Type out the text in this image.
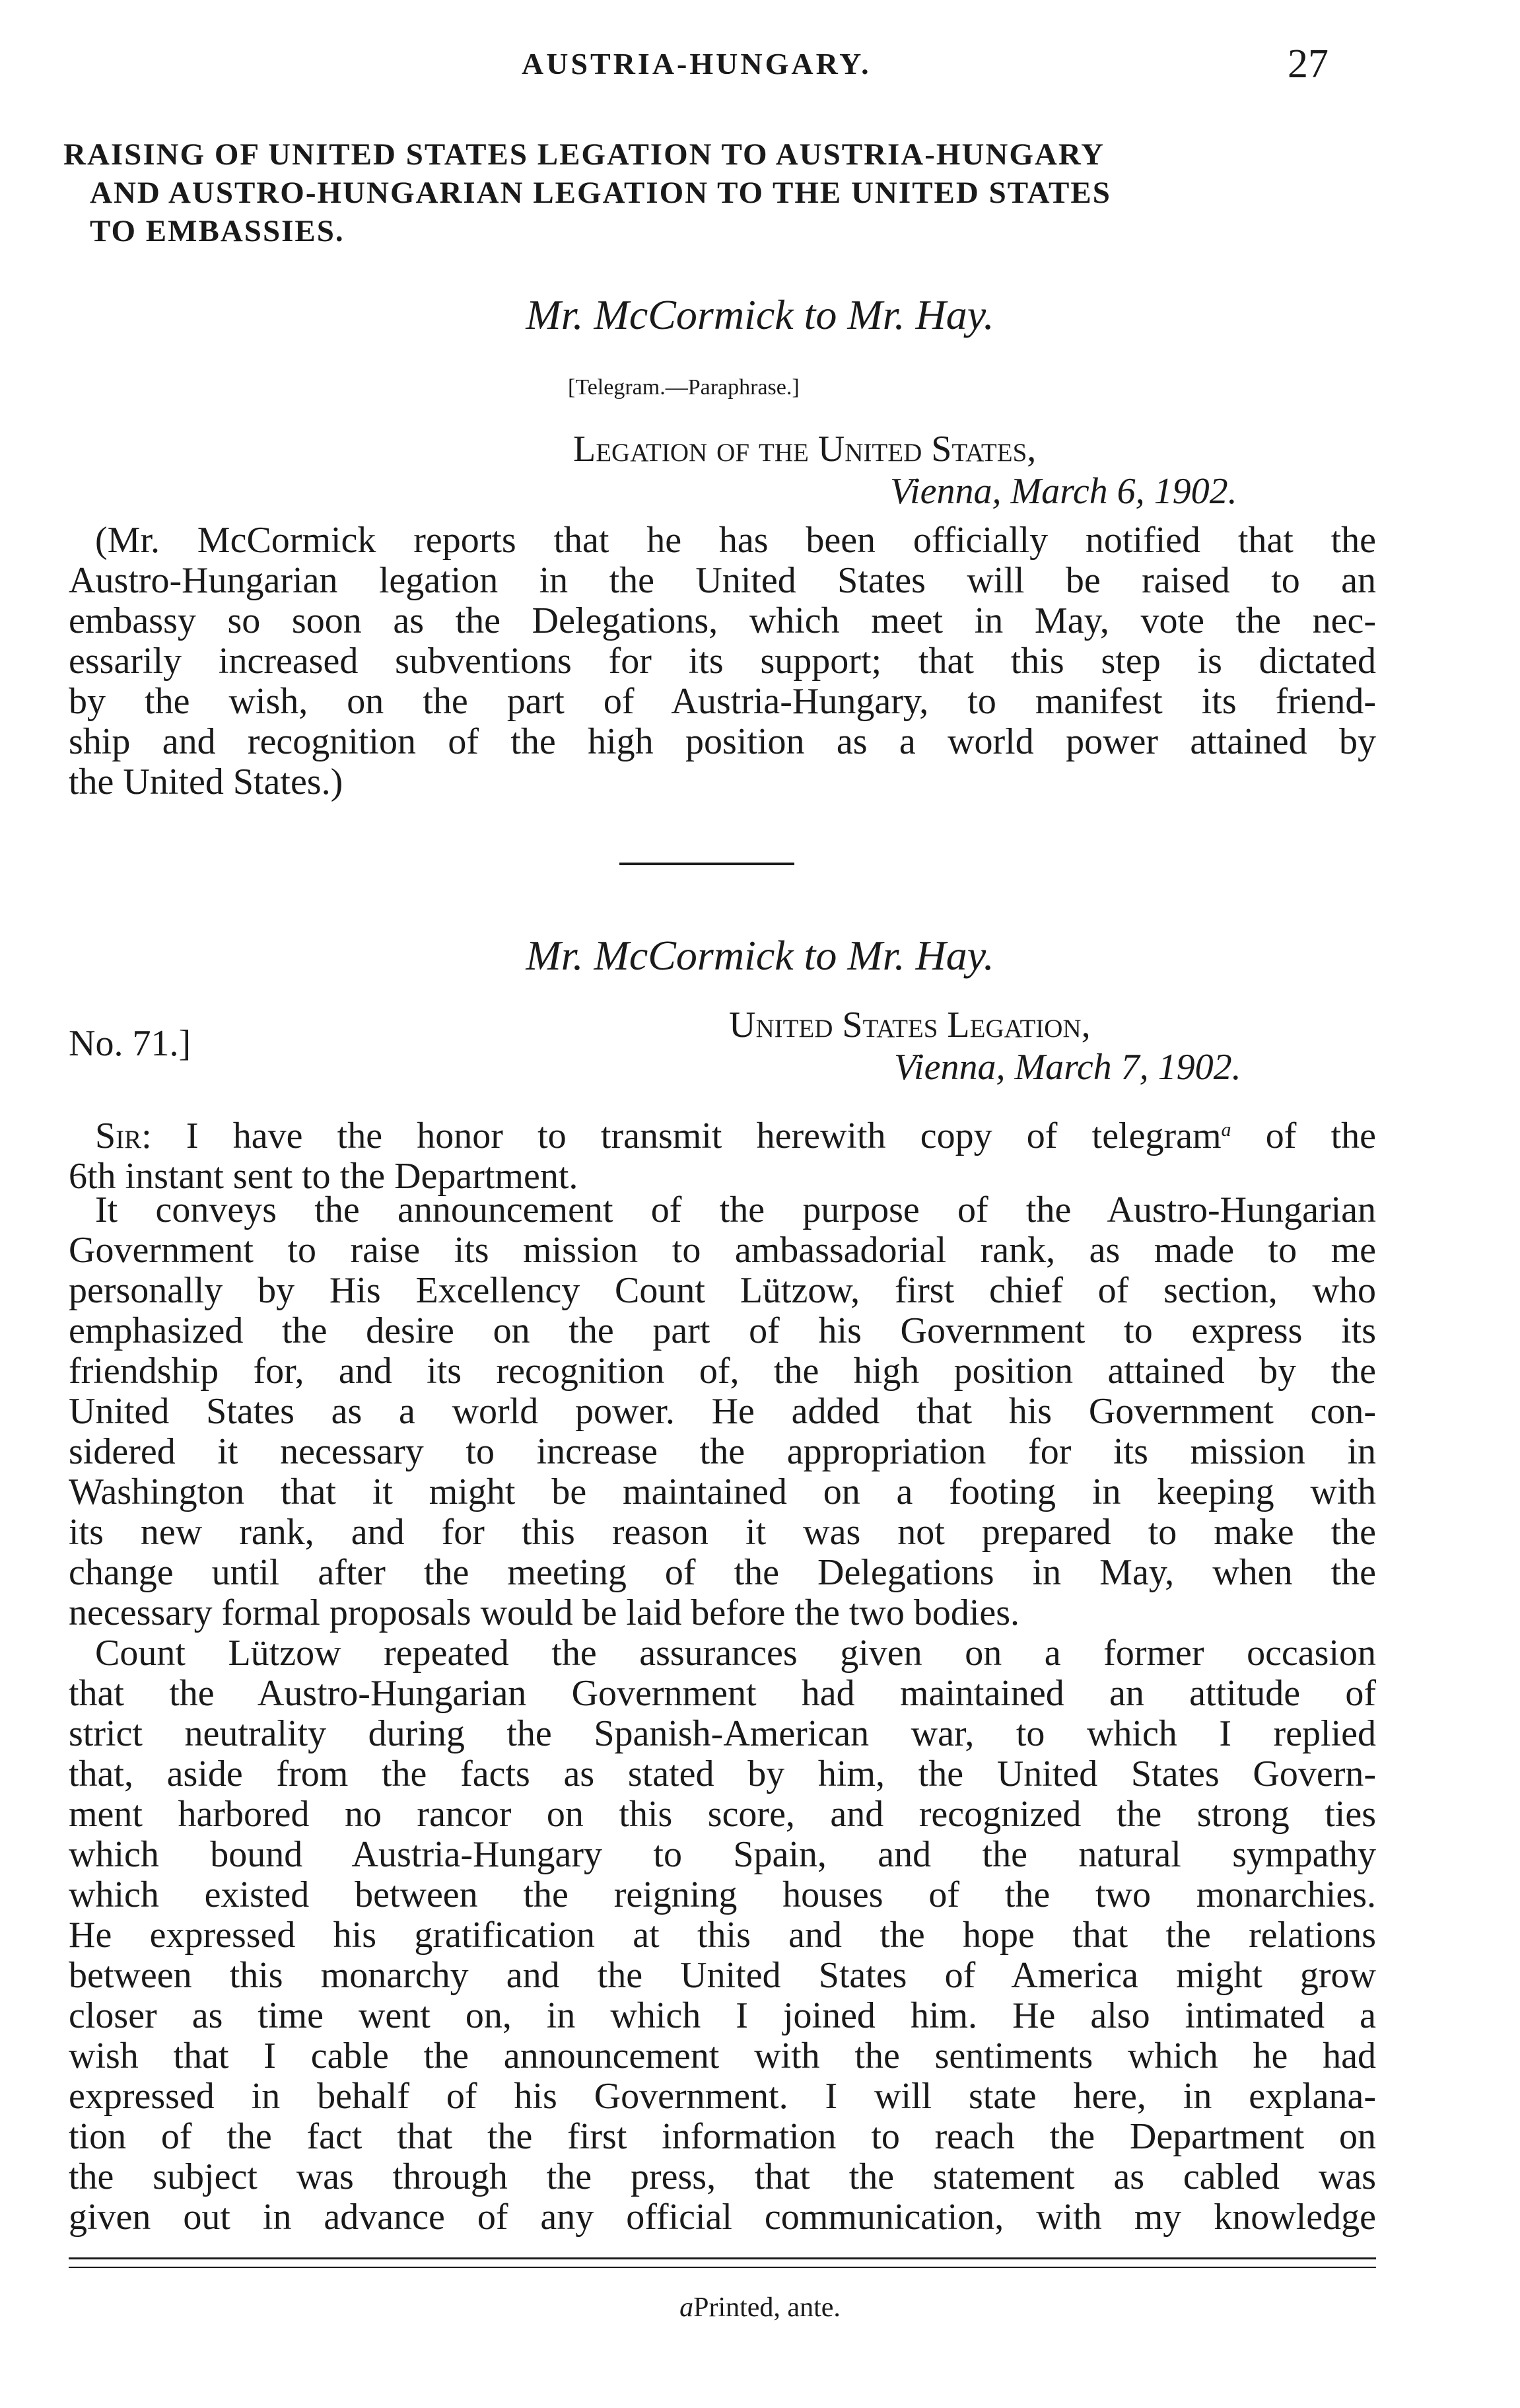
AUSTRIA-HUNGARY.	27
RAISING OF UNITED STATES LEGATION TO AUSTRIA-HUNGARY
AND AUSTRO-HUNGARIAN LEGATION TO THE UNITED STATES
TO EMBASSIES.
Mr. McCormick to Mr. Hay.
[Telegram.—Paraphrase.]
Legation of the United States,
Vienna, March 6, 1902.
(Mr. McCormick reports that he has been officially notified that the
Austro-Hungarian legation in the United States will be raised to an
embassy so soon as the Delegations, which meet in May, vote the nec-
essarily increased subventions for its support; that this step is dictated
by the wish, on the part of Austria-Hungary, to manifest its friend-
ship and recognition of the high position as a world power attained by
the United States.)
Mr. McCormick to Mr. Hay.
No. 71.]	United States Legation,
Vienna, March 7, 1902.
Sir: I have the honor to transmit herewith copy of telegram$^a$ of the
6th instant sent to the Department.
It conveys the announcement of the purpose of the Austro-Hungarian
Government to raise its mission to ambassadorial rank, as made to me
personally by His Excellency Count Lützow, first chief of section, who
emphasized the desire on the part of his Government to express its
friendship for, and its recognition of, the high position attained by the
United States as a world power. He added that his Government con-
sidered it necessary to increase the appropriation for its mission in
Washington that it might be maintained on a footing in keeping with
its new rank, and for this reason it was not prepared to make the
change until after the meeting of the Delegations in May, when the
necessary formal proposals would be laid before the two bodies.
Count Lützow repeated the assurances given on a former occasion
that the Austro-Hungarian Government had maintained an attitude of
strict neutrality during the Spanish-American war, to which I replied
that, aside from the facts as stated by him, the United States Govern-
ment harbored no rancor on this score, and recognized the strong ties
which bound Austria-Hungary to Spain, and the natural sympathy
which existed between the reigning houses of the two monarchies.
He expressed his gratification at this and the hope that the relations
between this monarchy and the United States of America might grow
closer as time went on, in which I joined him. He also intimated a
wish that I cable the announcement with the sentiments which he had
expressed in behalf of his Government. I will state here, in explana-
tion of the fact that the first information to reach the Department on
the subject was through the press, that the statement as cabled was
given out in advance of any official communication, with my knowledge
aPrinted, ante.
